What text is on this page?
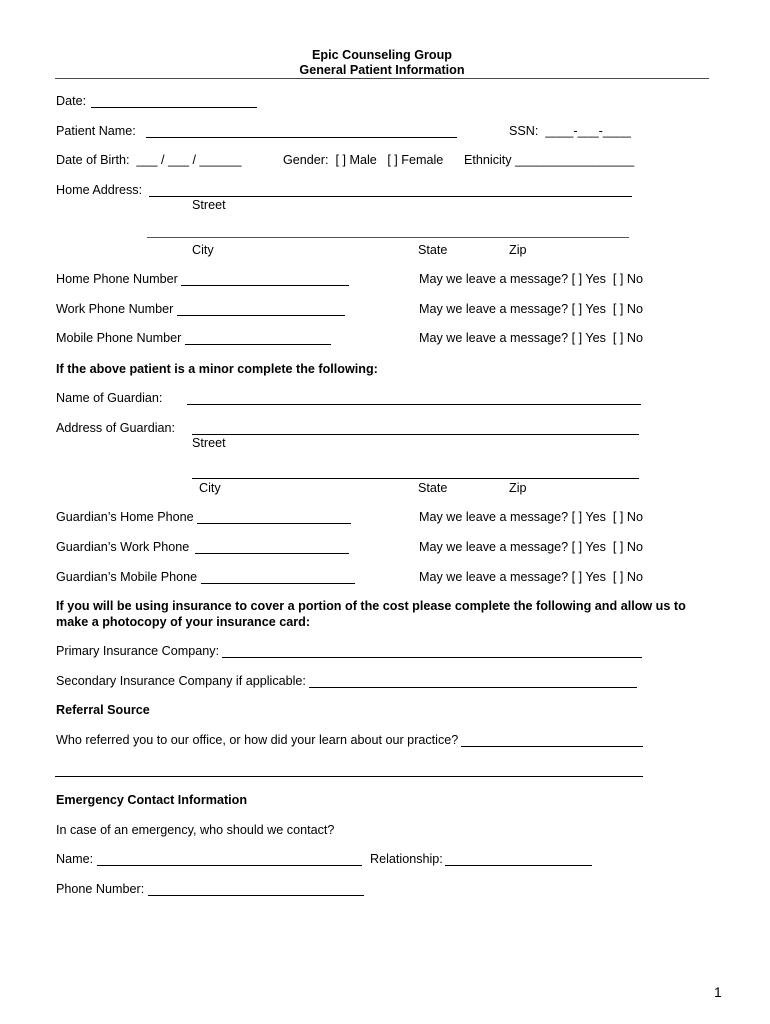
Epic Counseling Group
General Patient Information
Date:
Patient Name:	SSN: ____-___-____
Date of Birth: ___ / ___ / ______	Gender: [ ] Male [ ] Female Ethnicity _________________
Home Address:
Street
City	State	Zip
Home Phone Number	May we leave a message? [ ] Yes [ ] No
Work Phone Number	May we leave a message? [ ] Yes [ ] No
Mobile Phone Number	May we leave a message? [ ] Yes [ ] No
If the above patient is a minor complete the following:
Name of Guardian:
Address of Guardian:
Street
City	State	Zip
Guardian’s Home Phone	May we leave a message? [ ] Yes [ ] No
Guardian’s Work Phone	May we leave a message? [ ] Yes [ ] No
Guardian’s Mobile Phone	May we leave a message? [ ] Yes [ ] No
If you will be using insurance to cover a portion of the cost please complete the following and allow us to
make a photocopy of your insurance card:
Primary Insurance Company:
Secondary Insurance Company if applicable:
Referral Source
Who referred you to our office, or how did your learn about our practice?
Emergency Contact Information
In case of an emergency, who should we contact?
Name:	Relationship:
Phone Number:
1
